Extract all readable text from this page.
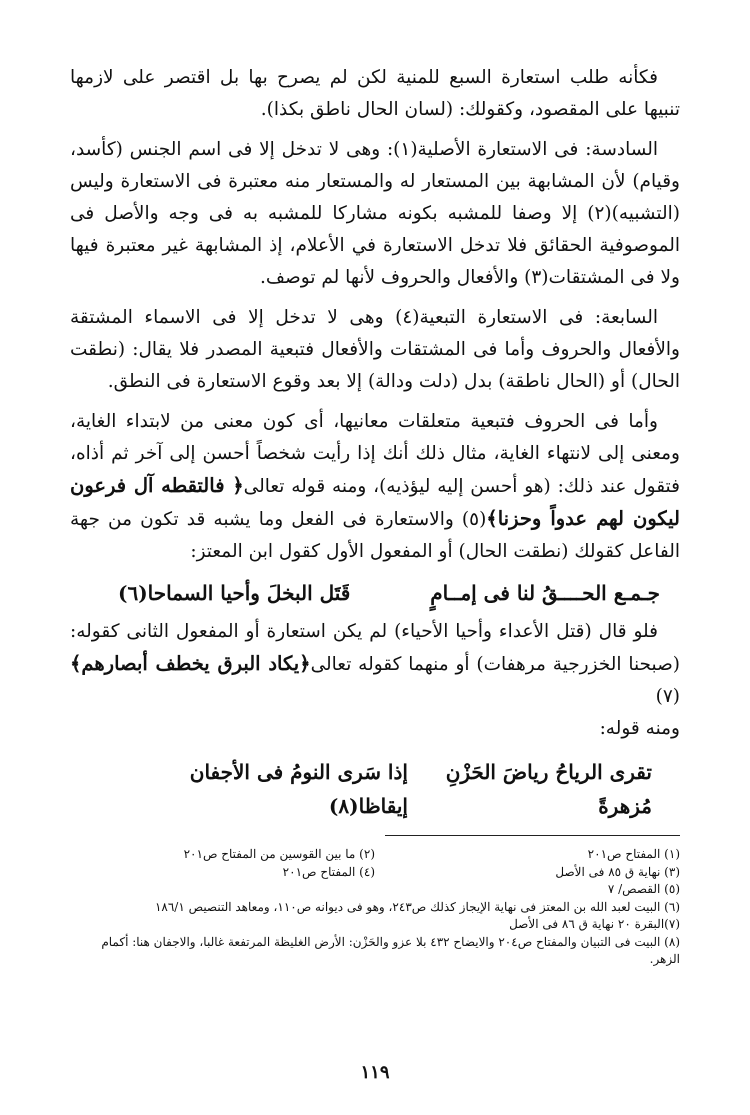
فكأنه طلب استعارة السبع للمنية لكن لم يصرح بها بل اقتصر على لازمها تنبيها على المقصود، وكقولك: (لسان الحال ناطق بكذا).

السادسة: فى الاستعارة الأصلية(١): وهى لا تدخل إلا فى اسم الجنس (كأسد، وقيام) لأن المشابهة بين المستعار له والمستعار منه معتبرة فى الاستعارة وليس (التشبيه)(٢) إلا وصفا للمشبه بكونه مشاركا للمشبه به فى وجه والأصل فى الموصوفية الحقائق فلا تدخل الاستعارة في الأعلام، إذ المشابهة غير معتبرة فيها ولا فى المشتقات(٣) والأفعال والحروف لأنها لم توصف.

السابعة: فى الاستعارة التبعية(٤) وهى لا تدخل إلا فى الاسماء المشتقة والأفعال والحروف وأما فى المشتقات والأفعال فتبعية المصدر فلا يقال: (نطقت الحال) أو (الحال ناطقة) بدل (دلت ودالة) إلا بعد وقوع الاستعارة فى النطق.

وأما فى الحروف فتبعية متعلقات معانيها، أى كون معنى من لابتداء الغاية، ومعنى إلى لانتهاء الغاية، مثال ذلك أنك إذا رأيت شخصاً أحسن إلى آخر ثم أذاه، فتقول عند ذلك: (هو أحسن إليه ليؤذيه)، ومنه قوله تعالى﴿ فالتقطه آل فرعون ليكون لهم عدواً وحزنا﴾(٥) والاستعارة فى الفعل وما يشبه قد تكون من جهة الفاعل كقولك (نطقت الحال) أو المفعول الأول كقول ابن المعتز:

جـمـع الحــــقُ لنا فى إمــامٍ
قَتَل البخلَ وأحيا السماحا(٦)

فلو قال (قتل الأعداء وأحيا الأحياء) لم يكن استعارة أو المفعول الثانى كقوله: (صبحنا الخزرجية مرهفات) أو منهما كقوله تعالى﴿يكاد البرق يخطف أبصارهم﴾(٧)

ومنه قوله:

تقرى الرياحُ رياضَ الحَزْنِ مُزهرةً
إذا سَرى النومُ فى الأجفان إيقاظا(٨)
(١) المفتاح ص٢٠١
(٢) ما بين القوسين من المفتاح ص٢٠١
(٣) نهاية ق ٨٥ فى الأصل
(٤) المفتاح ص٢٠١
(٥) القصص/ ٧
(٦) البيت لعبد الله بن المعتز فى نهاية الإيجاز كذلك ص٢٤٣، وهو فى ديوانه ص١١٠، ومعاهد التنصيص ١٨٦/١
(٧)البقرة ٢٠ نهاية ق ٨٦ فى الأصل
(٨) البيت فى التبيان والمفتاح ص٢٠٤ والايضاح ٤٣٢ بلا عزو والحَزْن: الأرض الغليظة المرتفعة غالبا، والاجفان هنا: أكمام الزهر.
١١٩
